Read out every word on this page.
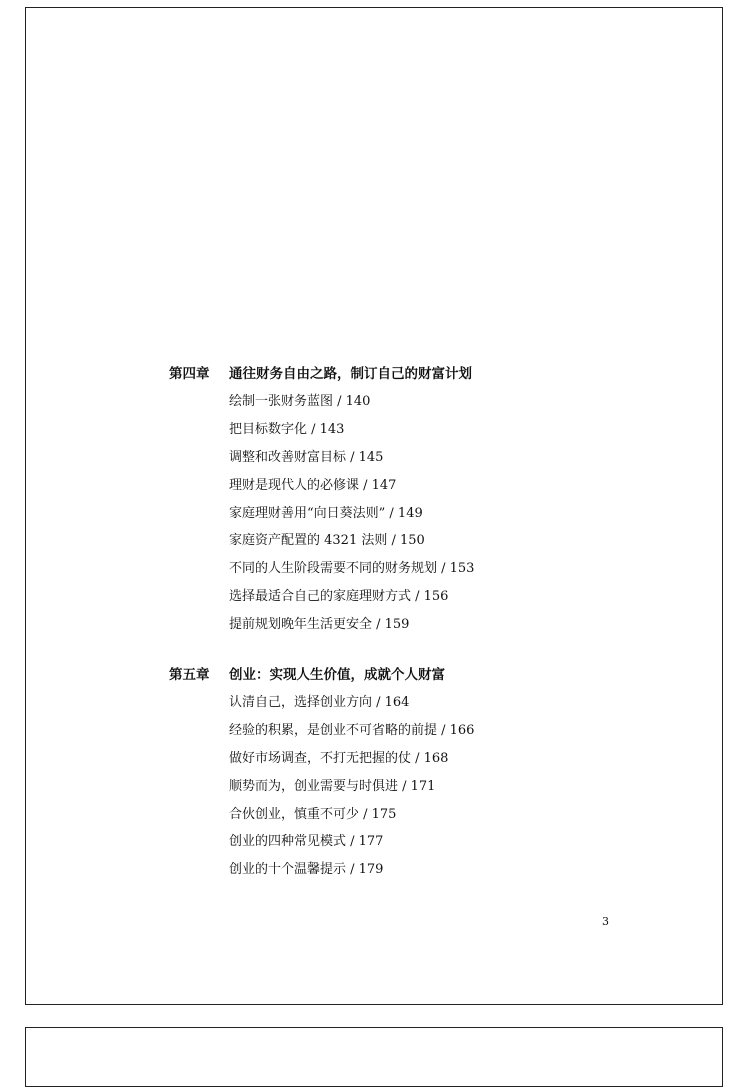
第四章	通往财务自由之路，制订自己的财富计划
绘制一张财务蓝图 / 140
把目标数字化 / 143
调整和改善财富目标 / 145
理财是现代人的必修课 / 147
家庭理财善用“向日葵法则” / 149
家庭资产配置的 4321 法则 / 150
不同的人生阶段需要不同的财务规划 / 153
选择最适合自己的家庭理财方式 / 156
提前规划晚年生活更安全 / 159
第五章	创业：实现人生价值，成就个人财富
认清自己，选择创业方向 / 164
经验的积累，是创业不可省略的前提 / 166
做好市场调查，不打无把握的仗 / 168
顺势而为，创业需要与时俱进 / 171
合伙创业，慎重不可少 / 175
创业的四种常见模式 / 177
创业的十个温馨提示 / 179
3
